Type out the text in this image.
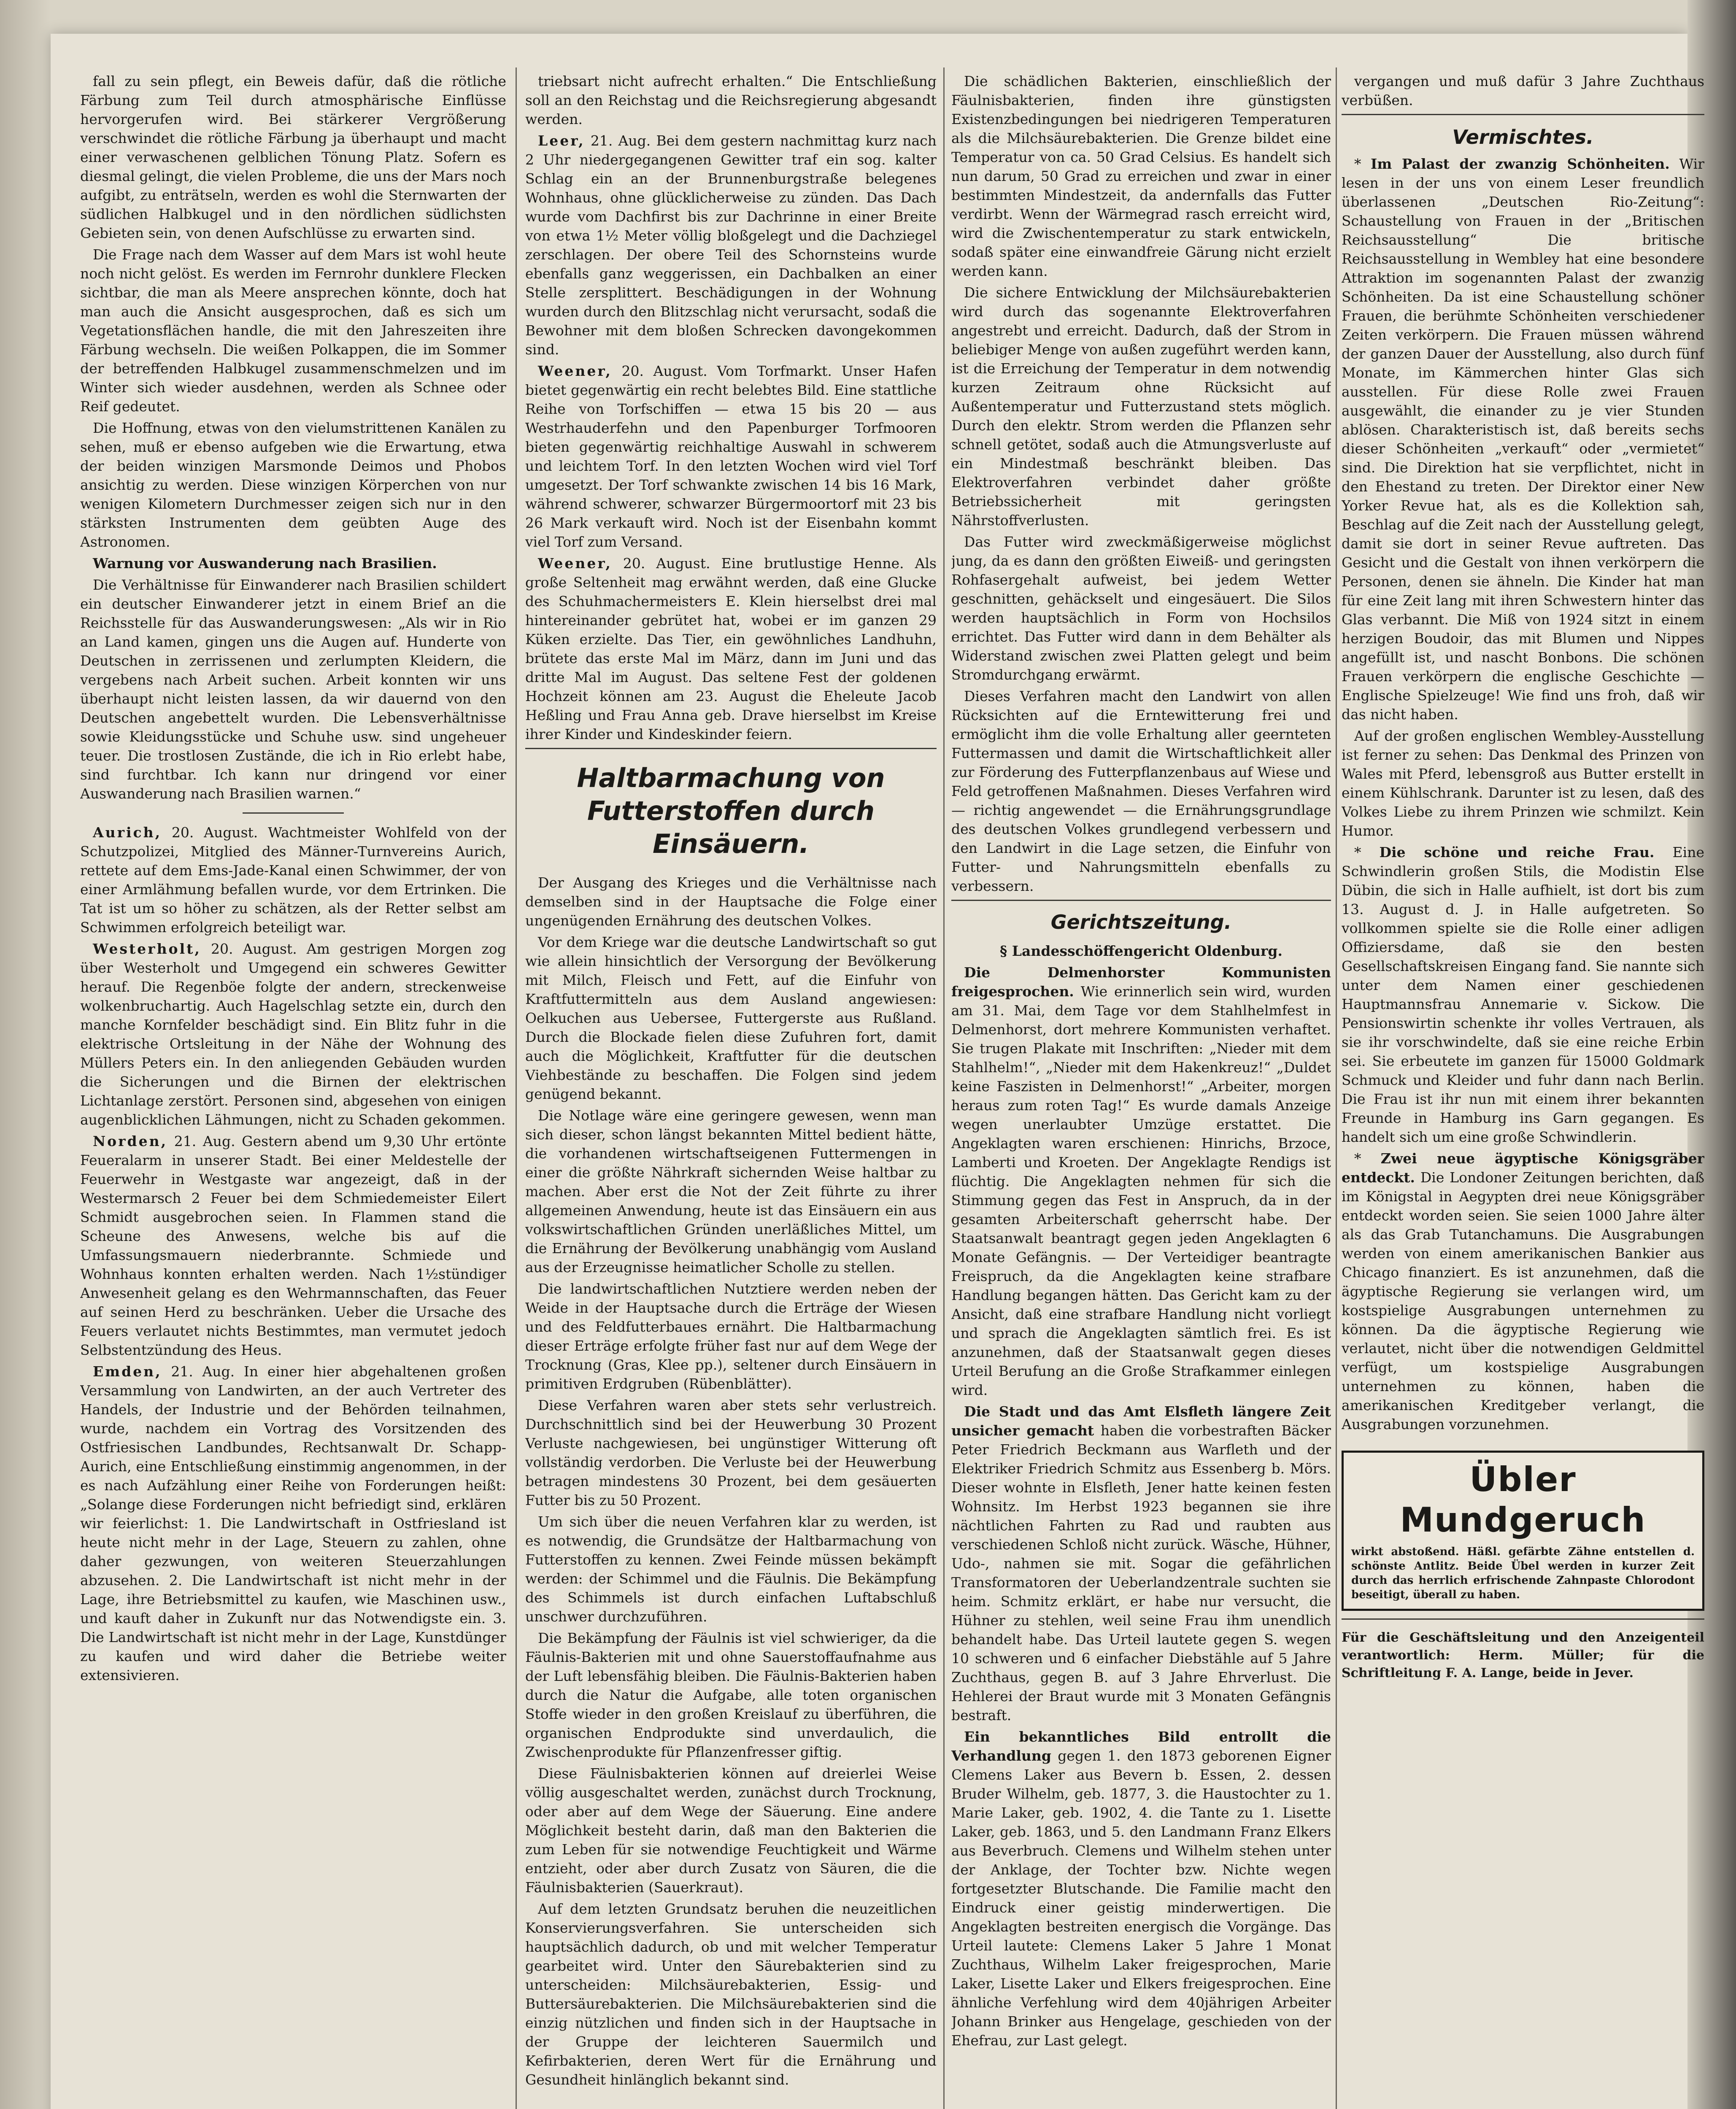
fall zu sein pflegt, ein Beweis dafür, daß die rötliche Färbung zum Teil durch atmosphärische Einflüsse hervorgerufen wird. Bei stärkerer Vergrößerung verschwindet die rötliche Färbung ja überhaupt und macht einer verwaschenen gelblichen Tönung Platz. Sofern es diesmal gelingt, die vielen Probleme, die uns der Mars noch aufgibt, zu enträtseln, werden es wohl die Sternwarten der südlichen Halbkugel und in den nördlichen südlichsten Gebieten sein, von denen Aufschlüsse zu erwarten sind.

Die Frage nach dem Wasser auf dem Mars ist wohl heute noch nicht gelöst. Es werden im Fernrohr dunklere Flecken sichtbar, die man als Meere ansprechen könnte, doch hat man auch die Ansicht ausgesprochen, daß es sich um Vegetationsflächen handle, die mit den Jahreszeiten ihre Färbung wechseln. Die weißen Polkappen, die im Sommer der betreffenden Halbkugel zusammenschmelzen und im Winter sich wieder ausdehnen, werden als Schnee oder Reif gedeutet.

Die Hoffnung, etwas von den vielumstrittenen Kanälen zu sehen, muß er ebenso aufgeben wie die Erwartung, etwa der beiden winzigen Marsmonde Deimos und Phobos ansichtig zu werden. Diese winzigen Körperchen von nur wenigen Kilometern Durchmesser zeigen sich nur in den stärksten Instrumenten dem geübten Auge des Astronomen.

Warnung vor Auswanderung nach Brasilien.

Die Verhältnisse für Einwanderer nach Brasilien schildert ein deutscher Einwanderer jetzt in einem Brief an die Reichsstelle für das Auswanderungswesen: „Als wir in Rio an Land kamen, gingen uns die Augen auf. Hunderte von Deutschen in zerrissenen und zerlumpten Kleidern, die vergebens nach Arbeit suchen. Arbeit konnten wir uns überhaupt nicht leisten lassen, da wir dauernd von den Deutschen angebettelt wurden. Die Lebensverhältnisse sowie Kleidungsstücke und Schuhe usw. sind ungeheuer teuer. Die trostlosen Zustände, die ich in Rio erlebt habe, sind furchtbar. Ich kann nur dringend vor einer Auswanderung nach Brasilien warnen.“

Aurich, 20. August. Wachtmeister Wohlfeld von der Schutzpolizei, Mitglied des Männer-Turnvereins Aurich, rettete auf dem Ems-Jade-Kanal einen Schwimmer, der von einer Armlähmung befallen wurde, vor dem Ertrinken. Die Tat ist um so höher zu schätzen, als der Retter selbst am Schwimmen erfolgreich beteiligt war.

Westerholt, 20. August. Am gestrigen Morgen zog über Westerholt und Umgegend ein schweres Gewitter herauf. Die Regenböe folgte der andern, streckenweise wolkenbruchartig. Auch Hagelschlag setzte ein, durch den manche Kornfelder beschädigt sind. Ein Blitz fuhr in die elektrische Ortsleitung in der Nähe der Wohnung des Müllers Peters ein. In den anliegenden Gebäuden wurden die Sicherungen und die Birnen der elektrischen Lichtanlage zerstört. Personen sind, abgesehen von einigen augenblicklichen Lähmungen, nicht zu Schaden gekommen.

Norden, 21. Aug. Gestern abend um 9,30 Uhr ertönte Feueralarm in unserer Stadt. Bei einer Meldestelle der Feuerwehr in Westgaste war angezeigt, daß in der Westermarsch 2 Feuer bei dem Schmiedemeister Eilert Schmidt ausgebrochen seien. In Flammen stand die Scheune des Anwesens, welche bis auf die Umfassungsmauern niederbrannte. Schmiede und Wohnhaus konnten erhalten werden. Nach 1½stündiger Anwesenheit gelang es den Wehrmannschaften, das Feuer auf seinen Herd zu beschränken. Ueber die Ursache des Feuers verlautet nichts Bestimmtes, man vermutet jedoch Selbstentzündung des Heus.

Emden, 21. Aug. In einer hier abgehaltenen großen Versammlung von Landwirten, an der auch Vertreter des Handels, der Industrie und der Behörden teilnahmen, wurde, nachdem ein Vortrag des Vorsitzenden des Ostfriesischen Landbundes, Rechtsanwalt Dr. Schapp-Aurich, eine Entschließung einstimmig angenommen, in der es nach Aufzählung einer Reihe von Forderungen heißt: „Solange diese Forderungen nicht befriedigt sind, erklären wir feierlichst: 1. Die Landwirtschaft in Ostfriesland ist heute nicht mehr in der Lage, Steuern zu zahlen, ohne daher gezwungen, von weiteren Steuerzahlungen abzusehen. 2. Die Landwirtschaft ist nicht mehr in der Lage, ihre Betriebsmittel zu kaufen, wie Maschinen usw., und kauft daher in Zukunft nur das Notwendigste ein. 3. Die Landwirtschaft ist nicht mehr in der Lage, Kunstdünger zu kaufen und wird daher die Betriebe weiter extensivieren.

triebsart nicht aufrecht erhalten.“ Die Entschließung soll an den Reichstag und die Reichsregierung abgesandt werden.

Leer, 21. Aug. Bei dem gestern nachmittag kurz nach 2 Uhr niedergegangenen Gewitter traf ein sog. kalter Schlag ein an der Brunnenburgstraße belegenes Wohnhaus, ohne glücklicherweise zu zünden. Das Dach wurde vom Dachfirst bis zur Dachrinne in einer Breite von etwa 1½ Meter völlig bloßgelegt und die Dachziegel zerschlagen. Der obere Teil des Schornsteins wurde ebenfalls ganz weggerissen, ein Dachbalken an einer Stelle zersplittert. Beschädigungen in der Wohnung wurden durch den Blitzschlag nicht verursacht, sodaß die Bewohner mit dem bloßen Schrecken davongekommen sind.

Weener, 20. August. Vom Torfmarkt. Unser Hafen bietet gegenwärtig ein recht belebtes Bild. Eine stattliche Reihe von Torfschiffen — etwa 15 bis 20 — aus Westrhauderfehn und den Papenburger Torfmooren bieten gegenwärtig reichhaltige Auswahl in schwerem und leichtem Torf. In den letzten Wochen wird viel Torf umgesetzt. Der Torf schwankte zwischen 14 bis 16 Mark, während schwerer, schwarzer Bürgermoortorf mit 23 bis 26 Mark verkauft wird. Noch ist der Eisenbahn kommt viel Torf zum Versand.

Weener, 20. August. Eine brutlustige Henne. Als große Seltenheit mag erwähnt werden, daß eine Glucke des Schuhmachermeisters E. Klein hierselbst drei mal hintereinander gebrütet hat, wobei er im ganzen 29 Küken erzielte. Das Tier, ein gewöhnliches Landhuhn, brütete das erste Mal im März, dann im Juni und das dritte Mal im August. Das seltene Fest der goldenen Hochzeit können am 23. August die Eheleute Jacob Heßling und Frau Anna geb. Drave hierselbst im Kreise ihrer Kinder und Kindeskinder feiern.

Haltbarmachung von Futterstoffen durch Einsäuern.

Der Ausgang des Krieges und die Verhältnisse nach demselben sind in der Hauptsache die Folge einer ungenügenden Ernährung des deutschen Volkes.

Vor dem Kriege war die deutsche Landwirtschaft so gut wie allein hinsichtlich der Versorgung der Bevölkerung mit Milch, Fleisch und Fett, auf die Einfuhr von Kraftfuttermitteln aus dem Ausland angewiesen: Oelkuchen aus Uebersee, Futtergerste aus Rußland. Durch die Blockade fielen diese Zufuhren fort, damit auch die Möglichkeit, Kraftfutter für die deutschen Viehbestände zu beschaffen. Die Folgen sind jedem genügend bekannt.

Die Notlage wäre eine geringere gewesen, wenn man sich dieser, schon längst bekannten Mittel bedient hätte, die vorhandenen wirtschaftseigenen Futtermengen in einer die größte Nährkraft sichernden Weise haltbar zu machen. Aber erst die Not der Zeit führte zu ihrer allgemeinen Anwendung, heute ist das Einsäuern ein aus volkswirtschaftlichen Gründen unerläßliches Mittel, um die Ernährung der Bevölkerung unabhängig vom Ausland aus der Erzeugnisse heimatlicher Scholle zu stellen.

Die landwirtschaftlichen Nutztiere werden neben der Weide in der Hauptsache durch die Erträge der Wiesen und des Feldfutterbaues ernährt. Die Haltbarmachung dieser Erträge erfolgte früher fast nur auf dem Wege der Trocknung (Gras, Klee pp.), seltener durch Einsäuern in primitiven Erdgruben (Rübenblätter).

Diese Verfahren waren aber stets sehr verlustreich. Durchschnittlich sind bei der Heuwerbung 30 Prozent Verluste nachgewiesen, bei ungünstiger Witterung oft vollständig verdorben. Die Verluste bei der Heuwerbung betragen mindestens 30 Prozent, bei dem gesäuerten Futter bis zu 50 Prozent.

Um sich über die neuen Verfahren klar zu werden, ist es notwendig, die Grundsätze der Haltbarmachung von Futterstoffen zu kennen. Zwei Feinde müssen bekämpft werden: der Schimmel und die Fäulnis. Die Bekämpfung des Schimmels ist durch einfachen Luftabschluß unschwer durchzuführen.

Die Bekämpfung der Fäulnis ist viel schwieriger, da die Fäulnis-Bakterien mit und ohne Sauerstoffaufnahme aus der Luft lebensfähig bleiben. Die Fäulnis-Bakterien haben durch die Natur die Aufgabe, alle toten organischen Stoffe wieder in den großen Kreislauf zu überführen, die organischen Endprodukte sind unverdaulich, die Zwischenprodukte für Pflanzenfresser giftig.

Diese Fäulnisbakterien können auf dreierlei Weise völlig ausgeschaltet werden, zunächst durch Trocknung, oder aber auf dem Wege der Säuerung. Eine andere Möglichkeit besteht darin, daß man den Bakterien die zum Leben für sie notwendige Feuchtigkeit und Wärme entzieht, oder aber durch Zusatz von Säuren, die die Fäulnisbakterien (Sauerkraut).

Auf dem letzten Grundsatz beruhen die neuzeitlichen Konservierungsverfahren. Sie unterscheiden sich hauptsächlich dadurch, ob und mit welcher Temperatur gearbeitet wird. Unter den Säurebakterien sind zu unterscheiden: Milchsäurebakterien, Essig- und Buttersäurebakterien. Die Milchsäurebakterien sind die einzig nützlichen und finden sich in der Hauptsache in der Gruppe der leichteren Sauermilch und Kefirbakterien, deren Wert für die Ernährung und Gesundheit hinlänglich bekannt sind.

Die schädlichen Bakterien, einschließlich der Fäulnisbakterien, finden ihre günstigsten Existenzbedingungen bei niedrigeren Temperaturen als die Milchsäurebakterien. Die Grenze bildet eine Temperatur von ca. 50 Grad Celsius. Es handelt sich nun darum, 50 Grad zu erreichen und zwar in einer bestimmten Mindestzeit, da andernfalls das Futter verdirbt. Wenn der Wärmegrad rasch erreicht wird, wird die Zwischentemperatur zu stark entwickeln, sodaß später eine einwandfreie Gärung nicht erzielt werden kann.

Die sichere Entwicklung der Milchsäurebakterien wird durch das sogenannte Elektroverfahren angestrebt und erreicht. Dadurch, daß der Strom in beliebiger Menge von außen zugeführt werden kann, ist die Erreichung der Temperatur in dem notwendig kurzen Zeitraum ohne Rücksicht auf Außentemperatur und Futterzustand stets möglich. Durch den elektr. Strom werden die Pflanzen sehr schnell getötet, sodaß auch die Atmungsverluste auf ein Mindestmaß beschränkt bleiben. Das Elektroverfahren verbindet daher größte Betriebssicherheit mit geringsten Nährstoffverlusten.

Das Futter wird zweckmäßigerweise möglichst jung, da es dann den größten Eiweiß- und geringsten Rohfasergehalt aufweist, bei jedem Wetter geschnitten, gehäckselt und eingesäuert. Die Silos werden hauptsächlich in Form von Hochsilos errichtet. Das Futter wird dann in dem Behälter als Widerstand zwischen zwei Platten gelegt und beim Stromdurchgang erwärmt.

Dieses Verfahren macht den Landwirt von allen Rücksichten auf die Erntewitterung frei und ermöglicht ihm die volle Erhaltung aller geernteten Futtermassen und damit die Wirtschaftlichkeit aller zur Förderung des Futterpflanzenbaus auf Wiese und Feld getroffenen Maßnahmen. Dieses Verfahren wird — richtig angewendet — die Ernährungsgrundlage des deutschen Volkes grundlegend verbessern und den Landwirt in die Lage setzen, die Einfuhr von Futter- und Nahrungsmitteln ebenfalls zu verbessern.

Gerichtszeitung.

§ Landesschöffengericht Oldenburg.

Die Delmenhorster Kommunisten freigesprochen. Wie erinnerlich sein wird, wurden am 31. Mai, dem Tage vor dem Stahlhelmfest in Delmenhorst, dort mehrere Kommunisten verhaftet. Sie trugen Plakate mit Inschriften: „Nieder mit dem Stahlhelm!“, „Nieder mit dem Hakenkreuz!“ „Duldet keine Faszisten in Delmenhorst!“ „Arbeiter, morgen heraus zum roten Tag!“ Es wurde damals Anzeige wegen unerlaubter Umzüge erstattet. Die Angeklagten waren erschienen: Hinrichs, Brzoce, Lamberti und Kroeten. Der Angeklagte Rendigs ist flüchtig. Die Angeklagten nehmen für sich die Stimmung gegen das Fest in Anspruch, da in der gesamten Arbeiterschaft geherrscht habe. Der Staatsanwalt beantragt gegen jeden Angeklagten 6 Monate Gefängnis. — Der Verteidiger beantragte Freispruch, da die Angeklagten keine strafbare Handlung begangen hätten. Das Gericht kam zu der Ansicht, daß eine strafbare Handlung nicht vorliegt und sprach die Angeklagten sämtlich frei. Es ist anzunehmen, daß der Staatsanwalt gegen dieses Urteil Berufung an die Große Strafkammer einlegen wird.

Die Stadt und das Amt Elsfleth längere Zeit unsicher gemacht haben die vorbestraften Bäcker Peter Friedrich Beckmann aus Warfleth und der Elektriker Friedrich Schmitz aus Essenberg b. Mörs. Dieser wohnte in Elsfleth, Jener hatte keinen festen Wohnsitz. Im Herbst 1923 begannen sie ihre nächtlichen Fahrten zu Rad und raubten aus verschiedenen Schloß nicht zurück. Wäsche, Hühner, Udo-, nahmen sie mit. Sogar die gefährlichen Transformatoren der Ueberlandzentrale suchten sie heim. Schmitz erklärt, er habe nur versucht, die Hühner zu stehlen, weil seine Frau ihm unendlich behandelt habe. Das Urteil lautete gegen S. wegen 10 schweren und 6 einfacher Diebstähle auf 5 Jahre Zuchthaus, gegen B. auf 3 Jahre Ehrverlust. Die Hehlerei der Braut wurde mit 3 Monaten Gefängnis bestraft.

Ein bekanntliches Bild entrollt die Verhandlung gegen 1. den 1873 geborenen Eigner Clemens Laker aus Bevern b. Essen, 2. dessen Bruder Wilhelm, geb. 1877, 3. die Haustochter zu 1. Marie Laker, geb. 1902, 4. die Tante zu 1. Lisette Laker, geb. 1863, und 5. den Landmann Franz Elkers aus Beverbruch. Clemens und Wilhelm stehen unter der Anklage, der Tochter bzw. Nichte wegen fortgesetzter Blutschande. Die Familie macht den Eindruck einer geistig minderwertigen. Die Angeklagten bestreiten energisch die Vorgänge. Das Urteil lautete: Clemens Laker 5 Jahre 1 Monat Zuchthaus, Wilhelm Laker freigesprochen, Marie Laker, Lisette Laker und Elkers freigesprochen. Eine ähnliche Verfehlung wird dem 40jährigen Arbeiter Johann Brinker aus Hengelage, geschieden von der Ehefrau, zur Last gelegt.

vergangen und muß dafür 3 Jahre Zuchthaus verbüßen.

Vermischtes.

* Im Palast der zwanzig Schönheiten. Wir lesen in der uns von einem Leser freundlich überlassenen „Deutschen Rio-Zeitung“: Schaustellung von Frauen in der „Britischen Reichsausstellung“ Die britische Reichsausstellung in Wembley hat eine besondere Attraktion im sogenannten Palast der zwanzig Schönheiten. Da ist eine Schaustellung schöner Frauen, die berühmte Schönheiten verschiedener Zeiten verkörpern. Die Frauen müssen während der ganzen Dauer der Ausstellung, also durch fünf Monate, im Kämmerchen hinter Glas sich ausstellen. Für diese Rolle zwei Frauen ausgewählt, die einander zu je vier Stunden ablösen. Charakteristisch ist, daß bereits sechs dieser Schönheiten „verkauft“ oder „vermietet“ sind. Die Direktion hat sie verpflichtet, nicht in den Ehestand zu treten. Der Direktor einer New Yorker Revue hat, als es die Kollektion sah, Beschlag auf die Zeit nach der Ausstellung gelegt, damit sie dort in seiner Revue auftreten. Das Gesicht und die Gestalt von ihnen verkörpern die Personen, denen sie ähneln. Die Kinder hat man für eine Zeit lang mit ihren Schwestern hinter das Glas verbannt. Die Miß von 1924 sitzt in einem herzigen Boudoir, das mit Blumen und Nippes angefüllt ist, und nascht Bonbons. Die schönen Frauen verkörpern die englische Geschichte — Englische Spielzeuge! Wie find uns froh, daß wir das nicht haben.

Auf der großen englischen Wembley-Ausstellung ist ferner zu sehen: Das Denkmal des Prinzen von Wales mit Pferd, lebensgroß aus Butter erstellt in einem Kühlschrank. Darunter ist zu lesen, daß des Volkes Liebe zu ihrem Prinzen wie schmilzt. Kein Humor.

* Die schöne und reiche Frau. Eine Schwindlerin großen Stils, die Modistin Else Dübin, die sich in Halle aufhielt, ist dort bis zum 13. August d. J. in Halle aufgetreten. So vollkommen spielte sie die Rolle einer adligen Offiziersdame, daß sie den besten Gesellschaftskreisen Eingang fand. Sie nannte sich unter dem Namen einer geschiedenen Hauptmannsfrau Annemarie v. Sickow. Die Pensionswirtin schenkte ihr volles Vertrauen, als sie ihr vorschwindelte, daß sie eine reiche Erbin sei. Sie erbeutete im ganzen für 15000 Goldmark Schmuck und Kleider und fuhr dann nach Berlin. Die Frau ist ihr nun mit einem ihrer bekannten Freunde in Hamburg ins Garn gegangen. Es handelt sich um eine große Schwindlerin.

* Zwei neue ägyptische Königsgräber entdeckt. Die Londoner Zeitungen berichten, daß im Königstal in Aegypten drei neue Königsgräber entdeckt worden seien. Sie seien 1000 Jahre älter als das Grab Tutanchamuns. Die Ausgrabungen werden von einem amerikanischen Bankier aus Chicago finanziert. Es ist anzunehmen, daß die ägyptische Regierung sie verlangen wird, um kostspielige Ausgrabungen unternehmen zu können. Da die ägyptische Regierung wie verlautet, nicht über die notwendigen Geldmittel verfügt, um kostspielige Ausgrabungen unternehmen zu können, haben die amerikanischen Kreditgeber verlangt, die Ausgrabungen vorzunehmen.

Übler Mundgeruch
wirkt abstoßend. Häßl. gefärbte Zähne entstellen d. schönste Antlitz. Beide Übel werden in kurzer Zeit durch das herrlich erfrischende Zahnpaste Chlorodont beseitigt, überall zu haben.
Für die Geschäftsleitung und den Anzeigenteil verantwortlich: Herm. Müller; für die Schriftleitung F. A. Lange, beide in Jever.
